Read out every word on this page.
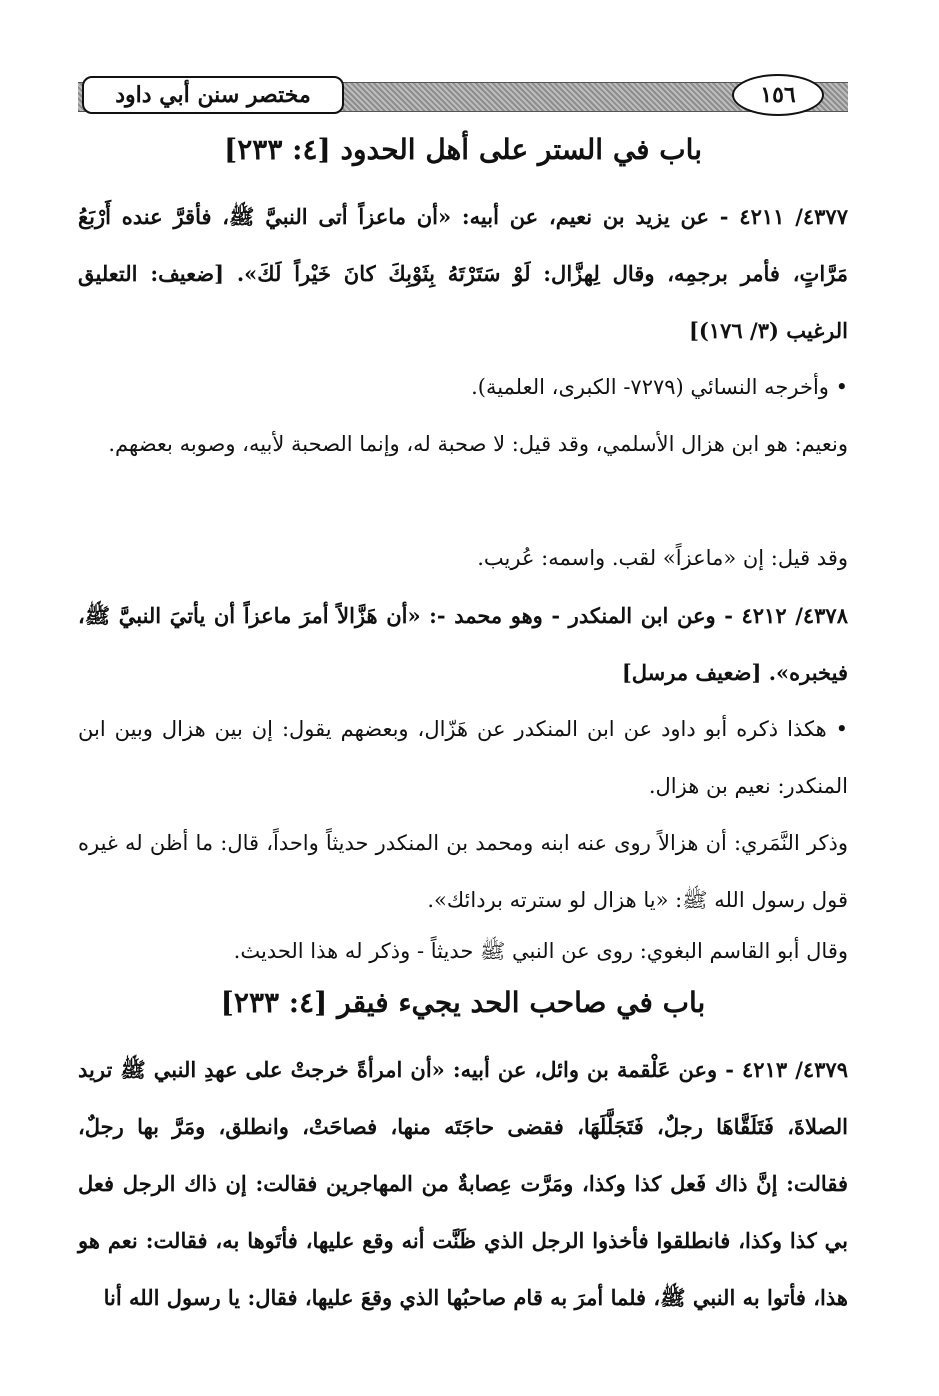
مختصر سنن أبي داود	١٥٦
باب في الستر على أهل الحدود [٤: ٢٣٣]

٤٣٧٧/ ٤٢١١ - عن يزيد بن نعيم، عن أبيه: «أن ماعزاً أتى النبيَّ ﷺ، فأقرَّ عنده أَرْبَعُ مَرَّاتٍ، فأمر برجمِه، وقال لِهزَّال: لَوْ سَتَرْتَهُ بِثَوْبِكَ كانَ خَيْراً لَكَ». [ضعيف: التعليق الرغيب (٣/ ١٧٦)]

• وأخرجه النسائي (٧٢٧٩- الكبرى، العلمية).

ونعيم: هو ابن هزال الأسلمي، وقد قيل: لا صحبة له، وإنما الصحبة لأبيه، وصوبه بعضهم.

وقد قيل: إن «ماعزاً» لقب. واسمه: عُريب.

٤٣٧٨/ ٤٢١٢ - وعن ابن المنكدر - وهو محمد -: «أن هَزَّالاً أمرَ ماعزاً أن يأتيَ النبيَّ ﷺ، فيخبره». [ضعيف مرسل]

• هكذا ذكره أبو داود عن ابن المنكدر عن هَزّال، وبعضهم يقول: إن بين هزال وبين ابن المنكدر: نعيم بن هزال.

وذكر النَّمَري: أن هزالاً روى عنه ابنه ومحمد بن المنكدر حديثاً واحداً، قال: ما أظن له غيره قول رسول الله ﷺ: «يا هزال لو سترته بردائك».

وقال أبو القاسم البغوي: روى عن النبي ﷺ حديثاً - وذكر له هذا الحديث.

باب في صاحب الحد يجيء فيقر [٤: ٢٣٣]

٤٣٧٩/ ٤٢١٣ - وعن عَلْقمة بن وائل، عن أبيه: «أن امرأةً خرجتْ على عهدِ النبي ﷺ تريد الصلاةَ، فَتَلَقَّاهَا رجلٌ، فَتَجَلَّلَهَا، فقضى حاجَتَه منها، فصاحَتْ، وانطلق، ومَرَّ بها رجلٌ، فقالت: إنَّ ذاك فَعل كذا وكذا، ومَرَّت عِصابةٌ من المهاجرين فقالت: إن ذاك الرجل فعل بي كذا وكذا، فانطلقوا فأخذوا الرجل الذي ظَنَّت أنه وقع عليها، فأتَوها به، فقالت: نعم هو هذا، فأتوا به النبي ﷺ، فلما أمرَ به قام صاحبُها الذي وقعَ عليها، فقال: يا رسول الله أنا
